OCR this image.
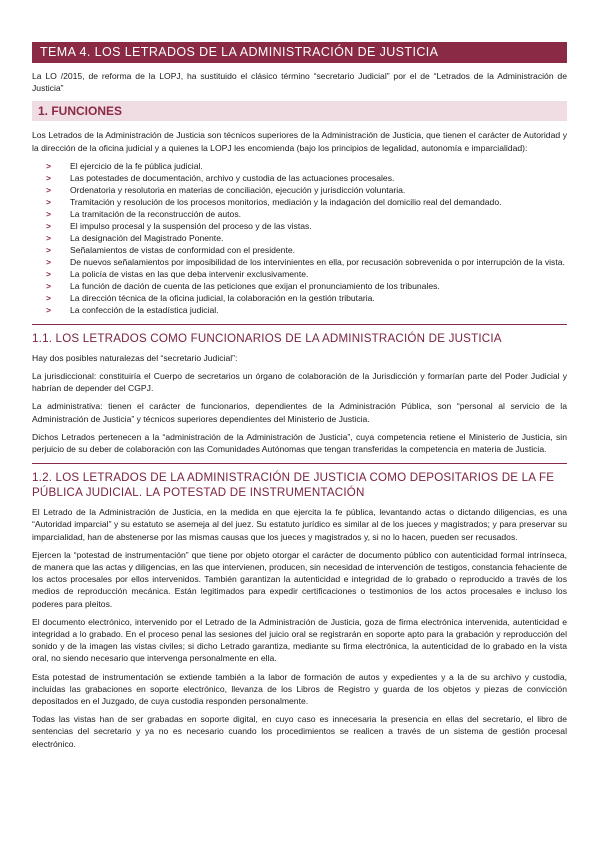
TEMA 4. LOS LETRADOS DE LA ADMINISTRACIÓN DE JUSTICIA

La LO /2015, de reforma de la LOPJ, ha sustituido el clásico término “secretario Judicial” por el de “Letrados de la Administración de Justicia”

1. FUNCIONES

Los Letrados de la Administración de Justicia son técnicos superiores de la Administración de Justicia, que tienen el carácter de Autoridad y la dirección de la oficina judicial y a quienes la LOPJ les encomienda (bajo los principios de legalidad, autonomía e imparcialidad):

> El ejercicio de la fe pública judicial.
> Las potestades de documentación, archivo y custodia de las actuaciones procesales.
> Ordenatoria y resolutoria en materias de conciliación, ejecución y jurisdicción voluntaria.
> Tramitación y resolución de los procesos monitorios, mediación y la indagación del domicilio real del demandado.
> La tramitación de la reconstrucción de autos.
> El impulso procesal y la suspensión del proceso y de las vistas.
> La designación del Magistrado Ponente.
> Señalamientos de vistas de conformidad con el presidente.
> De nuevos señalamientos por imposibilidad de los intervinientes en ella, por recusación sobrevenida o por interrupción de la vista.
> La policía de vistas en las que deba intervenir exclusivamente.
> La función de dación de cuenta de las peticiones que exijan el pronunciamiento de los tribunales.
> La dirección técnica de la oficina judicial, la colaboración en la gestión tributaria.
> La confección de la estadística judicial.
1.1. LOS LETRADOS COMO FUNCIONARIOS DE LA ADMINISTRACIÓN DE JUSTICIA

Hay dos posibles naturalezas del “secretario Judicial”:

La jurisdiccional: constituiría el Cuerpo de secretarios un órgano de colaboración de la Jurisdicción y formarían parte del Poder Judicial y habrían de depender del CGPJ.

La administrativa: tienen el carácter de funcionarios, dependientes de la Administración Pública, son “personal al servicio de la Administración de Justicia” y técnicos superiores dependientes del Ministerio de Justicia.

Dichos Letrados pertenecen a la “administración de la Administración de Justicia”, cuya competencia retiene el Ministerio de Justicia, sin perjuicio de su deber de colaboración con las Comunidades Autónomas que tengan transferidas la competencia en materia de Justicia.

1.2. LOS LETRADOS DE LA ADMINISTRACIÓN DE JUSTICIA COMO DEPOSITARIOS DE LA FE PÚBLICA JUDICIAL. LA POTESTAD DE INSTRUMENTACIÓN

El Letrado de la Administración de Justicia, en la medida en que ejercita la fe pública, levantando actas o dictando diligencias, es una “Autoridad imparcial” y su estatuto se asemeja al del juez. Su estatuto jurídico es similar al de los jueces y magistrados; y para preservar su imparcialidad, han de abstenerse por las mismas causas que los jueces y magistrados y, si no lo hacen, pueden ser recusados.

Ejercen la “potestad de instrumentación” que tiene por objeto otorgar el carácter de documento público con autenticidad formal intrínseca, de manera que las actas y diligencias, en las que intervienen, producen, sin necesidad de intervención de testigos, constancia fehaciente de los actos procesales por ellos intervenidos. También garantizan la autenticidad e integridad de lo grabado o reproducido a través de los medios de reproducción mecánica. Están legitimados para expedir certificaciones o testimonios de los actos procesales e incluso los poderes para pleitos.

El documento electrónico, intervenido por el Letrado de la Administración de Justicia, goza de firma electrónica intervenida, autenticidad e integridad a lo grabado. En el proceso penal las sesiones del juicio oral se registrarán en soporte apto para la grabación y reproducción del sonido y de la imagen las vistas civiles; si dicho Letrado garantiza, mediante su firma electrónica, la autenticidad de lo grabado en la vista oral, no siendo necesario que intervenga personalmente en ella.

Esta potestad de instrumentación se extiende también a la labor de formación de autos y expedientes y a la de su archivo y custodia, incluidas las grabaciones en soporte electrónico, llevanza de los Libros de Registro y guarda de los objetos y piezas de convicción depositados en el Juzgado, de cuya custodia responden personalmente.

Todas las vistas han de ser grabadas en soporte digital, en cuyo caso es innecesaria la presencia en ellas del secretario, el libro de sentencias del secretario y ya no es necesario cuando los procedimientos se realicen a través de un sistema de gestión procesal electrónico.
